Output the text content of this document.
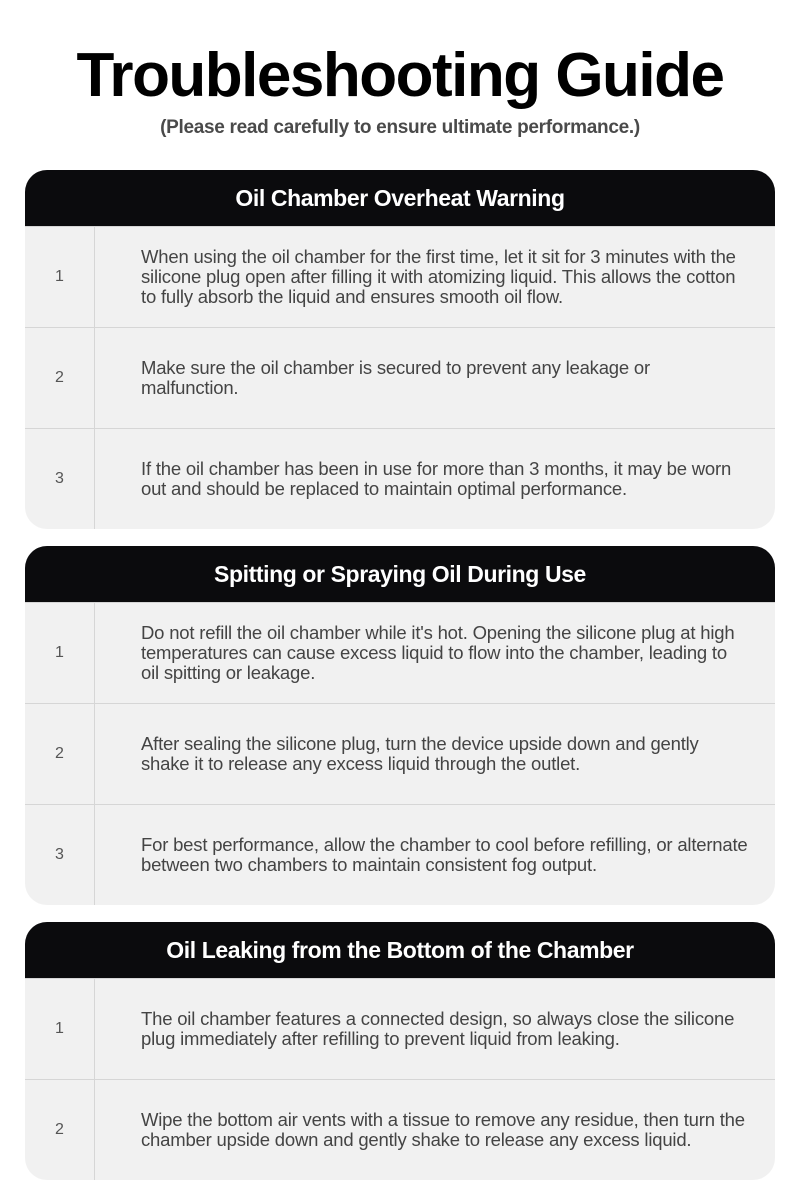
Troubleshooting Guide
(Please read carefully to ensure ultimate performance.)
Oil Chamber Overheat Warning
1
When using the oil chamber for the first time, let it sit for 3 minutes with the silicone plug open after filling it with atomizing liquid. This allows the cotton to fully absorb the liquid and ensures smooth oil flow.
2	Make sure the oil chamber is secured to prevent any leakage or malfunction.
3	If the oil chamber has been in use for more than 3 months, it may be worn out and should be replaced to maintain optimal performance.
Spitting or Spraying Oil During Use
1
Do not refill the oil chamber while it's hot. Opening the silicone plug at high temperatures can cause excess liquid to flow into the chamber, leading to oil spitting or leakage.
2	After sealing the silicone plug, turn the device upside down and gently shake it to release any excess liquid through the outlet.
3	For best performance, allow the chamber to cool before refilling, or alternate between two chambers to maintain consistent fog output.
Oil Leaking from the Bottom of the Chamber
1	The oil chamber features a connected design, so always close the silicone plug immediately after refilling to prevent liquid from leaking.
2	Wipe the bottom air vents with a tissue to remove any residue, then turn the chamber upside down and gently shake to release any excess liquid.
